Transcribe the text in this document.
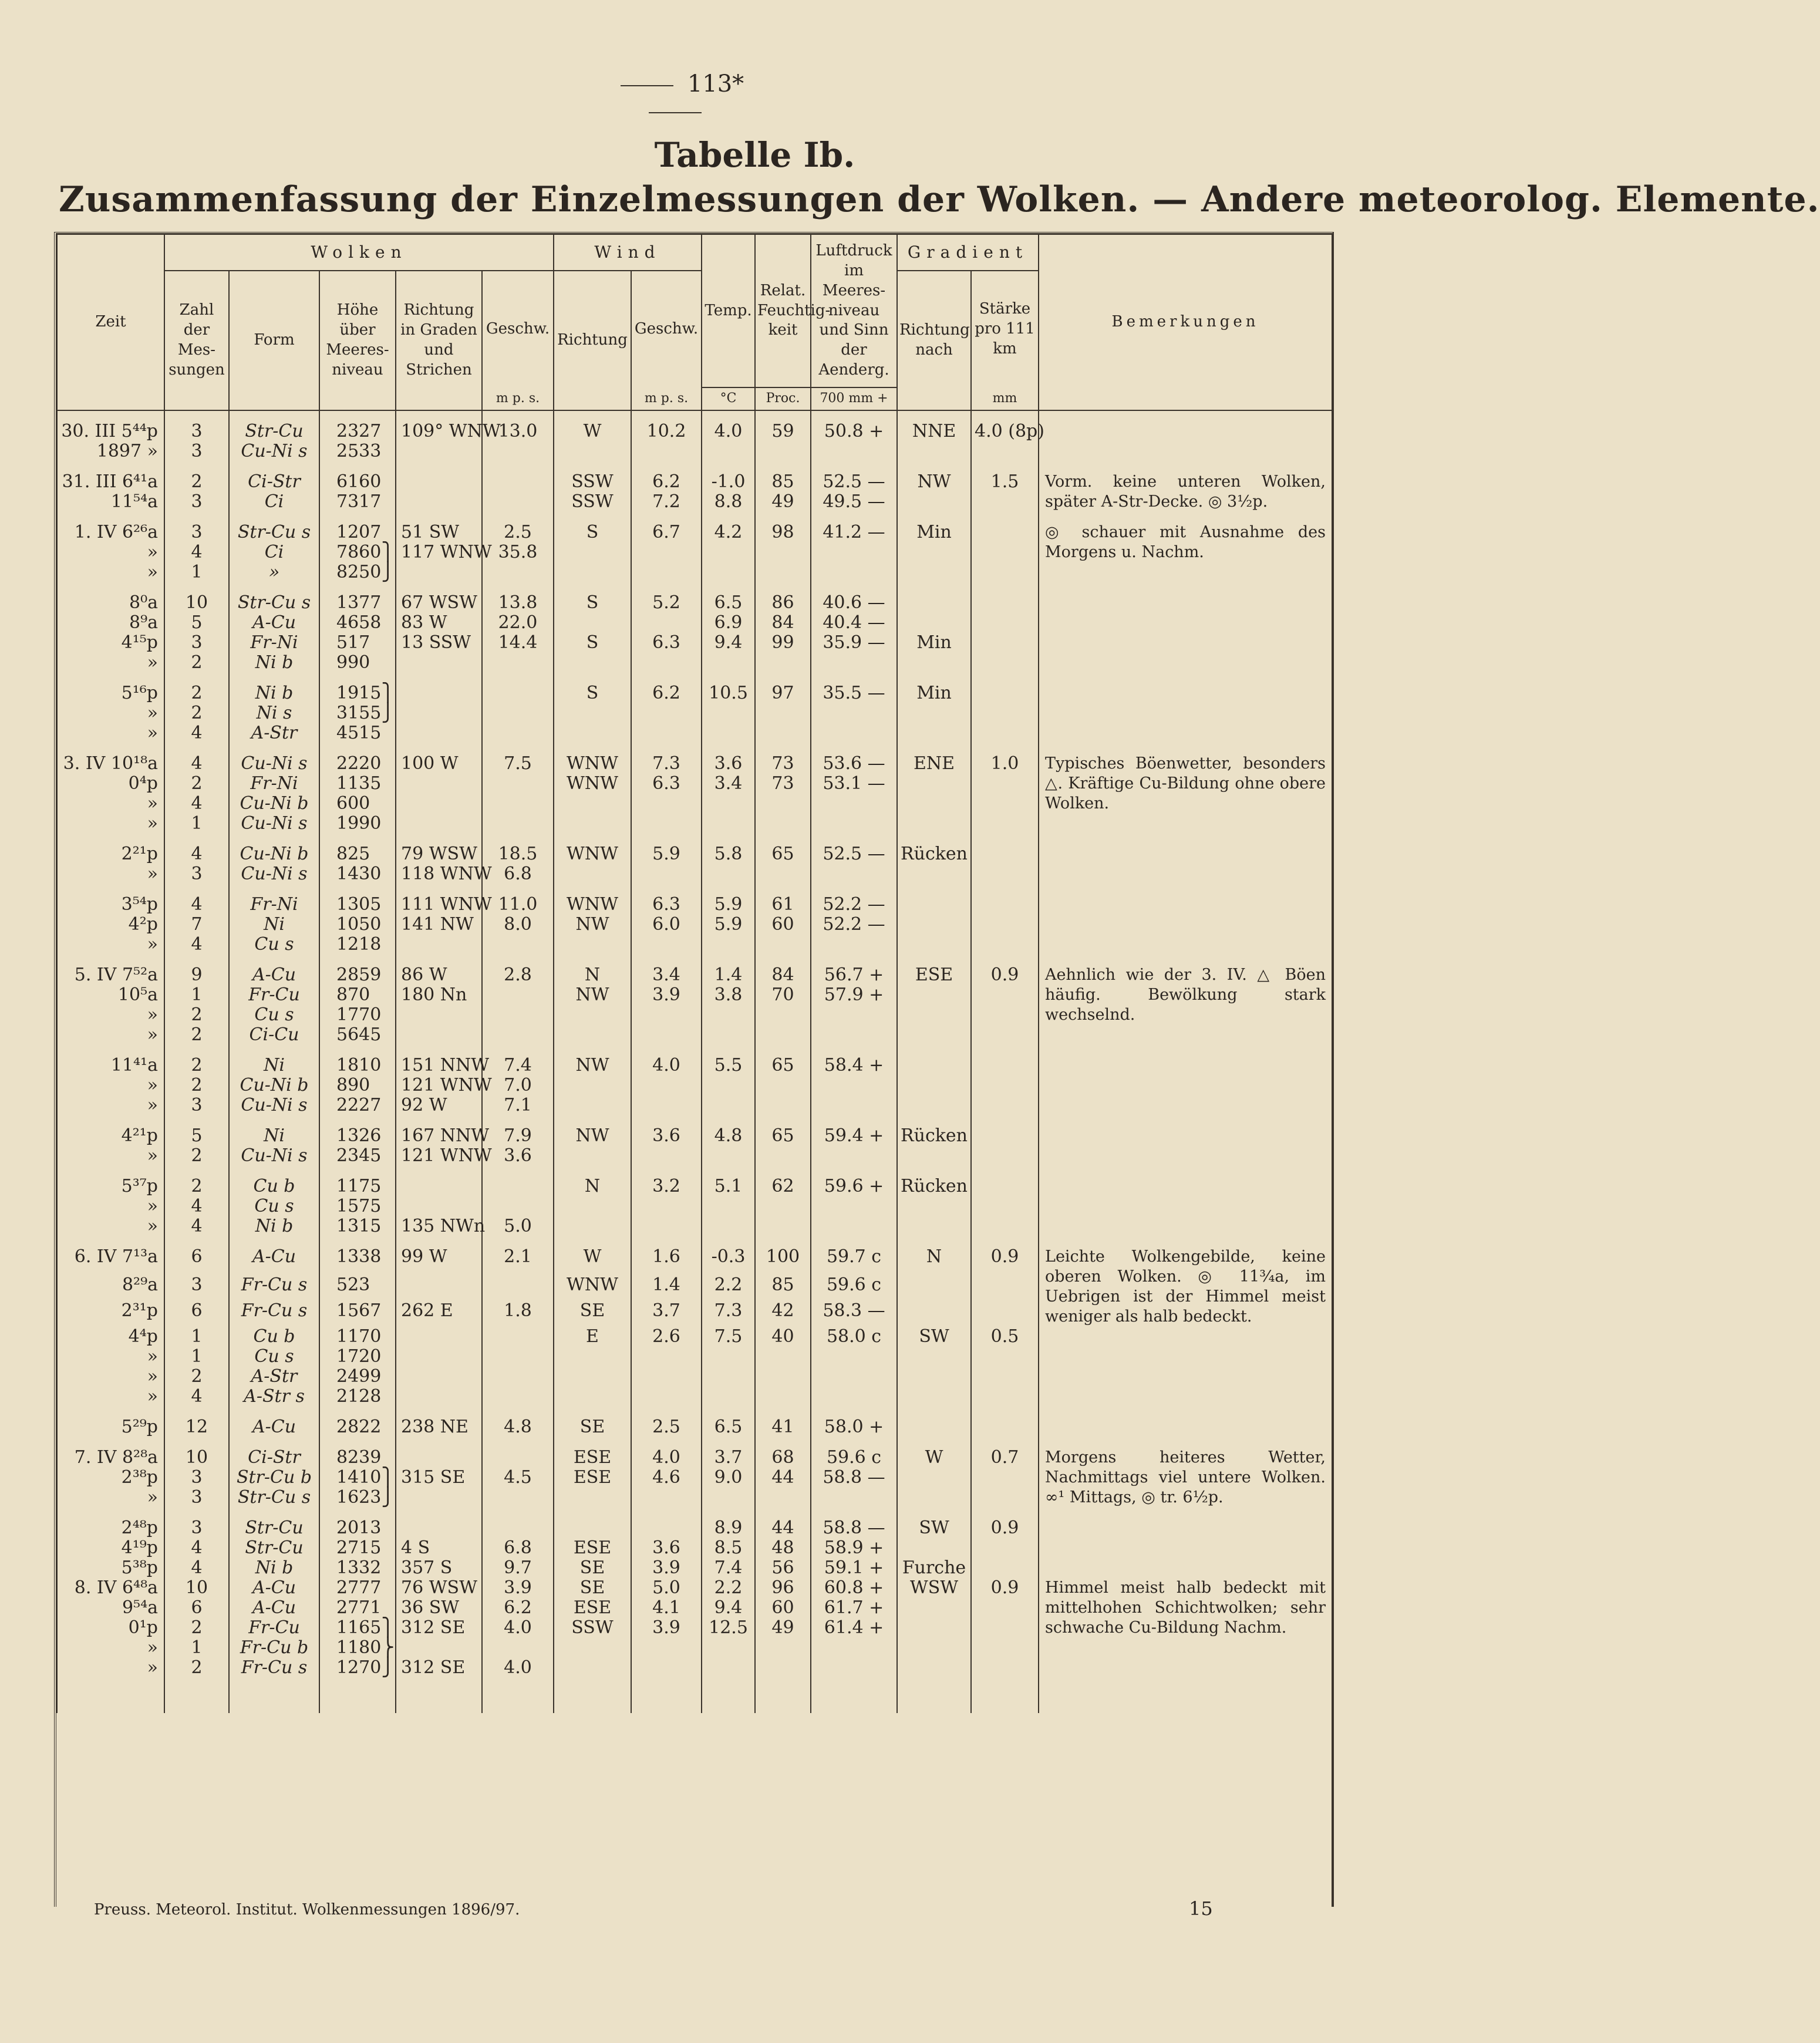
113*
Tabelle Ib.
Zusammenfassung der Einzelmessungen der Wolken. — Andere meteorolog. Elemente.
Zeit	Wolken					Wind		Temp.	Relat. Feuchtig-keit	Luftdruck im Meeres-niveau und Sinn der Aenderg.	Gradient		Bemerkungen
	Zahl der Mes-sungen	Form	Höhe über Meeres-niveau	Richtung in Graden und Strichen	Geschw.	Richtung	Geschw.				Richtung nach	Stärke pro 111 km	
					m p. s.		m p. s.	°C	Proc.	700 mm +		mm	
30. III 5⁴⁴p	3	Str-Cu	2327	109° WNW	13.0	W	10.2	4.0	59	50.8 +	NNE	4.0 (8p)	
1897 »	3	Cu-Ni s	2533										
31. III 6⁴¹a	2	Ci-Str	6160			SSW	6.2	-1.0	85	52.5 —	NW	1.5	Vorm. keine unteren Wolken, später A-Str-Decke. ◎ 3½p.
11⁵⁴a	3	Ci	7317			SSW	7.2	8.8	49	49.5 —			
1. IV 6²⁶a	3	Str-Cu s	1207	51 SW	2.5	S	6.7	4.2	98	41.2 —	Min		◎ schauer mit Ausnahme des Morgens u. Nachm.
»	4	Ci	7860⎫	117 WNW	35.8								
»	1	»	8250⎭										
8⁰a	10	Str-Cu s	1377	67 WSW	13.8	S	5.2	6.5	86	40.6 —			
8⁹a	5	A-Cu	4658	83 W	22.0			6.9	84	40.4 —			
4¹⁵p	3	Fr-Ni	517	13 SSW	14.4	S	6.3	9.4	99	35.9 —	Min		
»	2	Ni b	990										
5¹⁶p	2	Ni b	1915⎫			S	6.2	10.5	97	35.5 —	Min		
»	2	Ni s	3155⎭										
»	4	A-Str	4515										
3. IV 10¹⁸a	4	Cu-Ni s	2220	100 W	7.5	WNW	7.3	3.6	73	53.6 —	ENE	1.0	Typisches Böenwetter, besonders △. Kräftige Cu-Bildung ohne obere Wolken.
0⁴p	2	Fr-Ni	1135			WNW	6.3	3.4	73	53.1 —			
»	4	Cu-Ni b	600										
»	1	Cu-Ni s	1990										
2²¹p	4	Cu-Ni b	825	79 WSW	18.5	WNW	5.9	5.8	65	52.5 —	Rücken		
»	3	Cu-Ni s	1430	118 WNW	6.8								
3⁵⁴p	4	Fr-Ni	1305	111 WNW	11.0	WNW	6.3	5.9	61	52.2 —			
4²p	7	Ni	1050	141 NW	8.0	NW	6.0	5.9	60	52.2 —			
»	4	Cu s	1218										
5. IV 7⁵²a	9	A-Cu	2859	86 W	2.8	N	3.4	1.4	84	56.7 +	ESE	0.9	Aehnlich wie der 3. IV. △ Böen häufig. Bewölkung stark wechselnd.
10⁵a	1	Fr-Cu	870	180 Nn		NW	3.9	3.8	70	57.9 +			
»	2	Cu s	1770										
»	2	Ci-Cu	5645										
11⁴¹a	2	Ni	1810	151 NNW	7.4	NW	4.0	5.5	65	58.4 +			
»	2	Cu-Ni b	890	121 WNW	7.0								
»	3	Cu-Ni s	2227	92 W	7.1								
4²¹p	5	Ni	1326	167 NNW	7.9	NW	3.6	4.8	65	59.4 +	Rücken		
»	2	Cu-Ni s	2345	121 WNW	3.6								
5³⁷p	2	Cu b	1175			N	3.2	5.1	62	59.6 +	Rücken		
»	4	Cu s	1575										
»	4	Ni b	1315	135 NWn	5.0								
6. IV 7¹³a	6	A-Cu	1338	99 W	2.1	W	1.6	-0.3	100	59.7 c	N	0.9	Leichte Wolkengebilde, keine oberen Wolken. ◎ 11¾a, im Uebrigen ist der Himmel meist weniger als halb bedeckt.
8²⁹a	3	Fr-Cu s	523			WNW	1.4	2.2	85	59.6 c			
2³¹p	6	Fr-Cu s	1567	262 E	1.8	SE	3.7	7.3	42	58.3 —			
4⁴p	1	Cu b	1170			E	2.6	7.5	40	58.0 c	SW	0.5	
»	1	Cu s	1720										
»	2	A-Str	2499										
»	4	A-Str s	2128										
5²⁹p	12	A-Cu	2822	238 NE	4.8	SE	2.5	6.5	41	58.0 +			
7. IV 8²⁸a	10	Ci-Str	8239			ESE	4.0	3.7	68	59.6 c	W	0.7	Morgens heiteres Wetter, Nachmittags viel untere Wolken. ∞¹ Mittags, ◎ tr. 6½p.
2³⁸p	3	Str-Cu b	1410⎫	315 SE	4.5	ESE	4.6	9.0	44	58.8 —			
»	3	Str-Cu s	1623⎭										
2⁴⁸p	3	Str-Cu	2013					8.9	44	58.8 —	SW	0.9	
4¹⁹p	4	Str-Cu	2715	4 S	6.8	ESE	3.6	8.5	48	58.9 +			
5³⁸p	4	Ni b	1332	357 S	9.7	SE	3.9	7.4	56	59.1 +	Furche		
8. IV 6⁴⁸a	10	A-Cu	2777	76 WSW	3.9	SE	5.0	2.2	96	60.8 +	WSW	0.9	Himmel meist halb bedeckt mit mittelhohen Schichtwolken; sehr schwache Cu-Bildung Nachm.
9⁵⁴a	6	A-Cu	2771	36 SW	6.2	ESE	4.1	9.4	60	61.7 +			
0¹p	2	Fr-Cu	1165⎫	312 SE	4.0	SSW	3.9	12.5	49	61.4 +			
»	1	Fr-Cu b	1180⎬										
»	2	Fr-Cu s	1270⎭	312 SE	4.0								

Preuss. Meteorol. Institut. Wolkenmessungen 1896/97.	15
